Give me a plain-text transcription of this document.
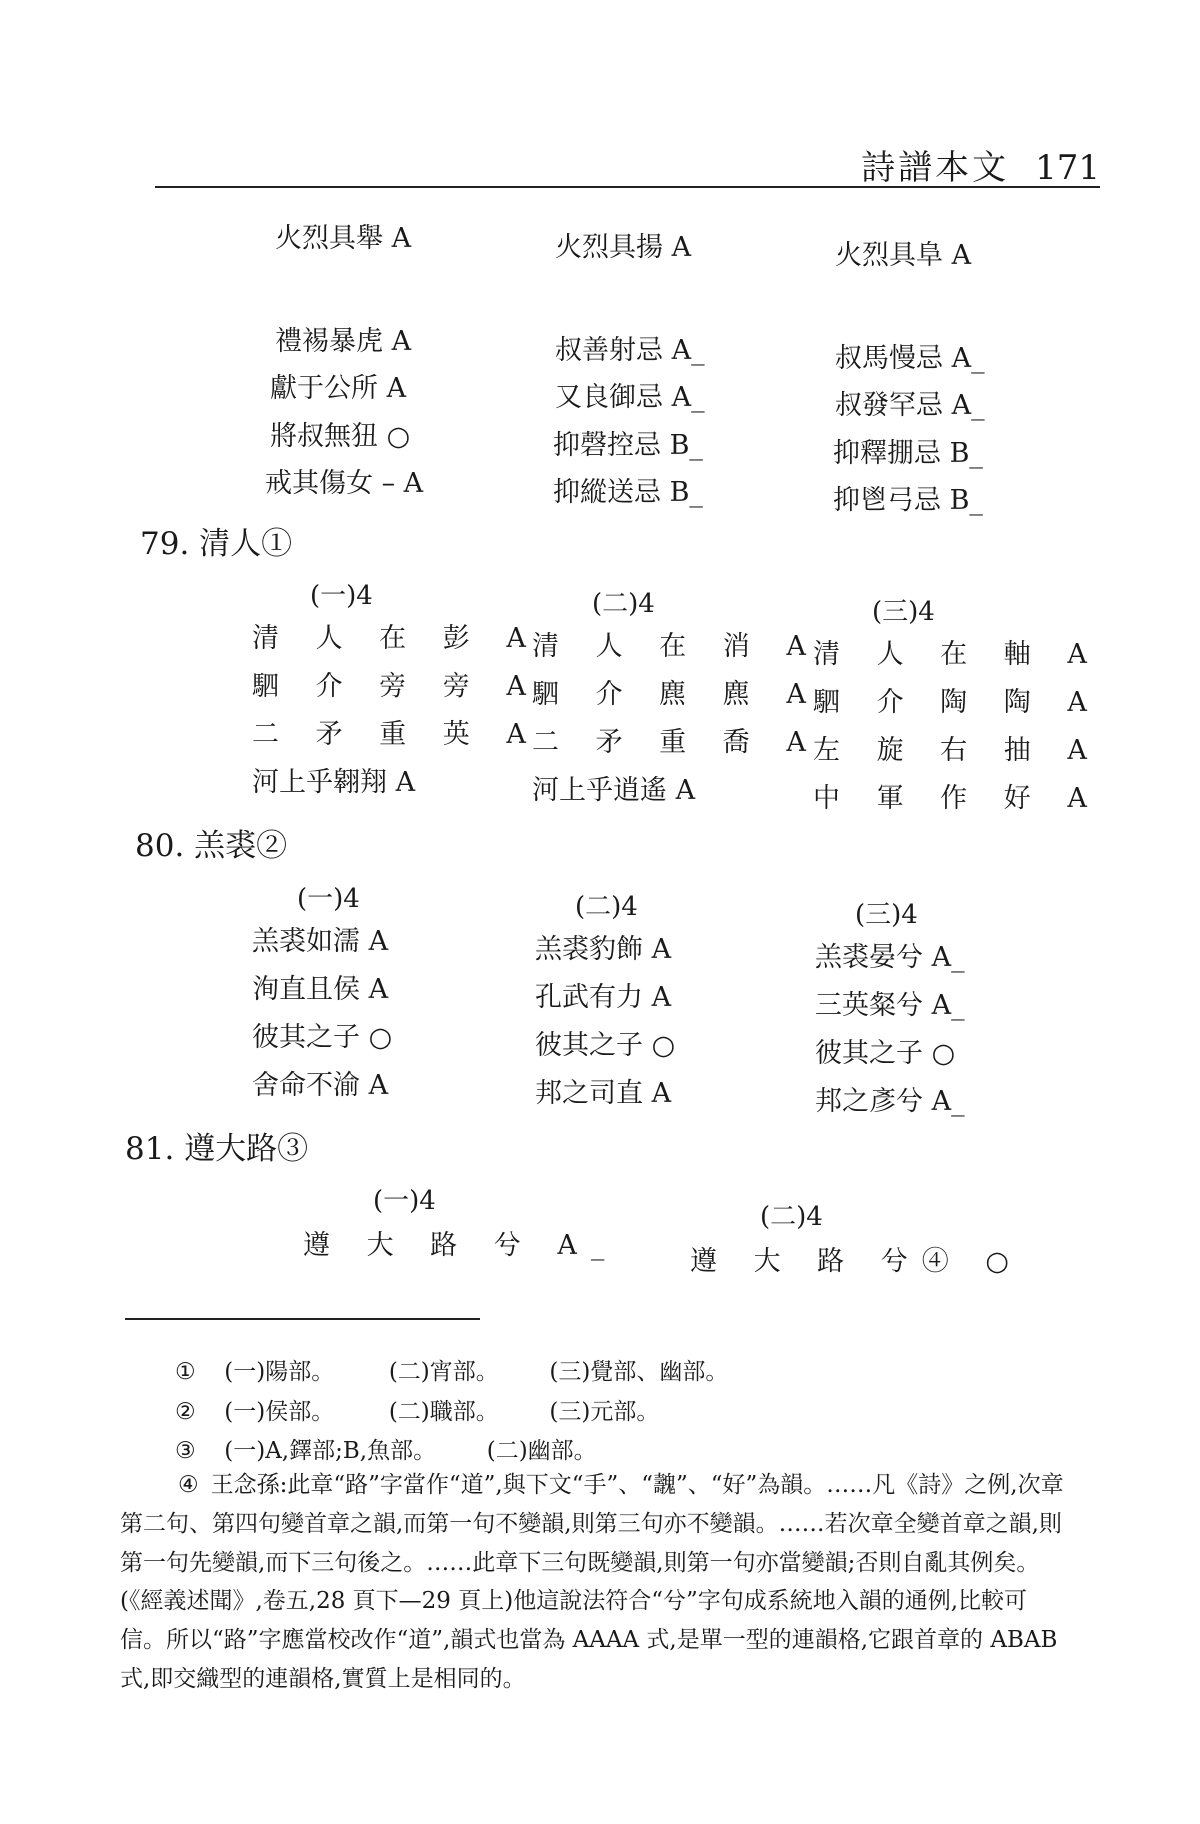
詩譜本文 171
火烈具舉 A
禮裼暴虎 A
獻于公所 A
將叔無狃 ○
戒其傷女 – A
火烈具揚 A
叔善射忌 A_
又良御忌 A_
抑磬控忌 B_
抑縱送忌 B_
火烈具阜 A
叔馬慢忌 A_
叔發罕忌 A_
抑釋掤忌 B_
抑鬯弓忌 B_
79. 清人①
(一)4
清 人 在 彭 A
駟 介 旁 旁 A
二 矛 重 英 A
河上乎翱翔 A
(二)4
清 人 在 消 A
駟 介 麃 麃 A
二 矛 重 喬 A
河上乎逍遙 A
(三)4
清 人 在 軸 A
駟 介 陶 陶 A
左 旋 右 抽 A
中 軍 作 好 A
80. 羔裘②
(一)4
羔裘如濡 A
洵直且侯 A
彼其之子 ○
舍命不渝 A
(二)4
羔裘豹飾 A
孔武有力 A
彼其之子 ○
邦之司直 A
(三)4
羔裘晏兮 A_
三英粲兮 A_
彼其之子 ○
邦之彥兮 A_
81. 遵大路③
(一)4
遵 大 路 兮 A_
(二)4
遵 大 路 兮④ ○
① (一)陽部。 (二)宵部。 (三)覺部、幽部。
② (一)侯部。 (二)職部。 (三)元部。
③ (一)A,鐸部;B,魚部。 (二)幽部。
④ 王念孫:此章“路”字當作“道”,與下文“手”、“魗”、“好”為韻。……凡《詩》之例,次章第二句、第四句變首章之韻,而第一句不變韻,則第三句亦不變韻。……若次章全變首章之韻,則第一句先變韻,而下三句後之。……此章下三句既變韻,則第一句亦當變韻;否則自亂其例矣。(《經義述聞》,卷五,28 頁下—29 頁上)他這說法符合“兮”字句成系統地入韻的通例,比較可信。所以“路”字應當校改作“道”,韻式也當為 AAAA 式,是單一型的連韻格,它跟首章的 ABAB 式,即交織型的連韻格,實質上是相同的。
